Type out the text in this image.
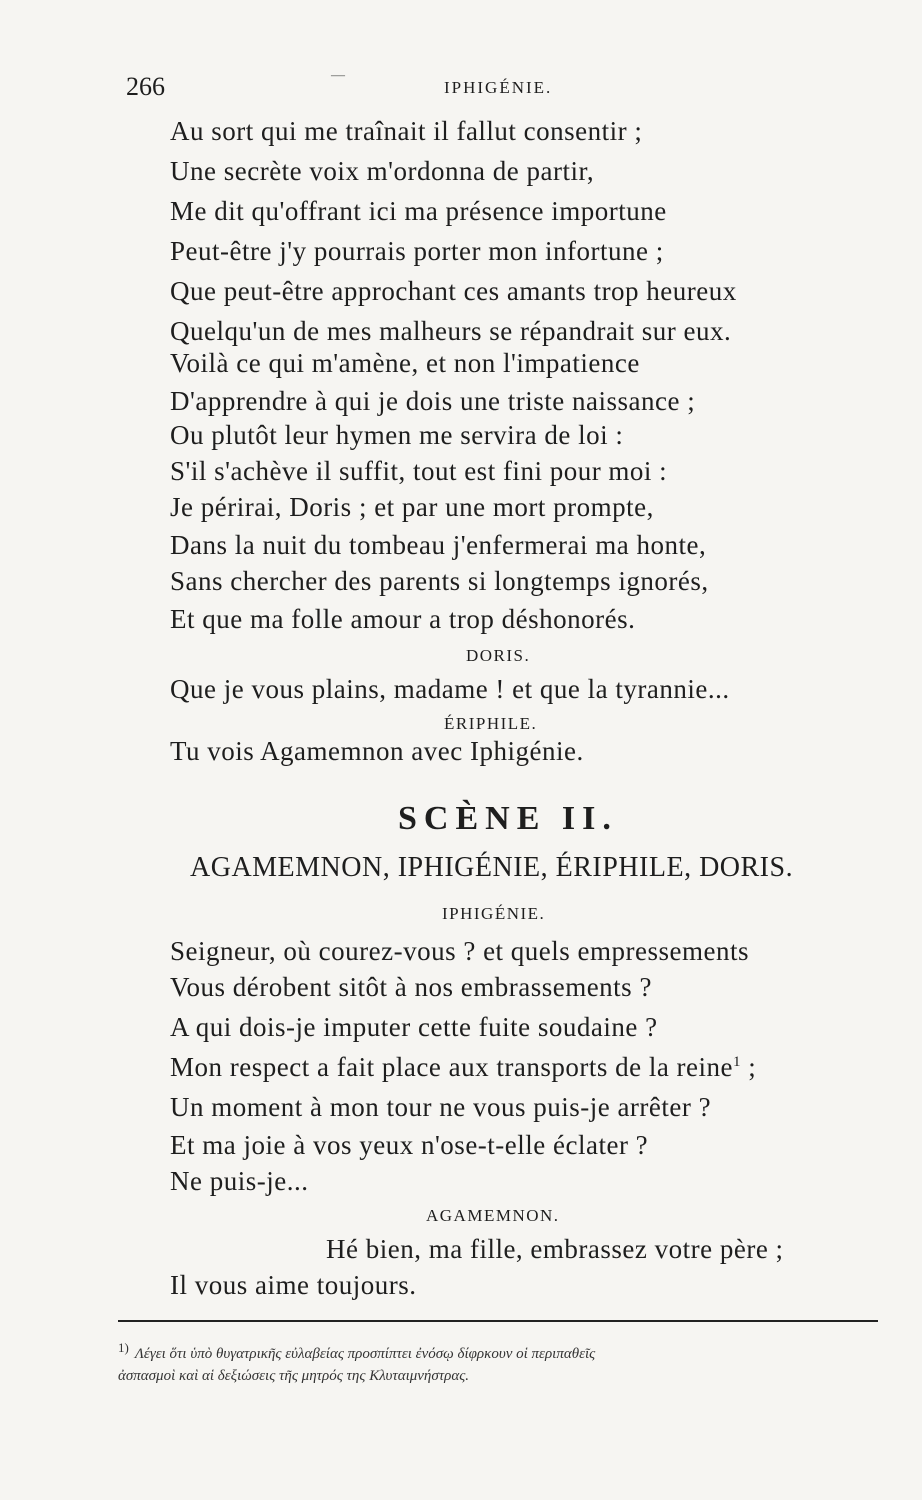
266	—
IPHIGÉNIE.
Au sort qui me traînait il fallut consentir ;
Une secrète voix m'ordonna de partir,
Me dit qu'offrant ici ma présence importune
Peut-être j'y pourrais porter mon infortune ;
Que peut-être approchant ces amants trop heureux
Quelqu'un de mes malheurs se répandrait sur eux.
Voilà ce qui m'amène, et non l'impatience
D'apprendre à qui je dois une triste naissance ;
Ou plutôt leur hymen me servira de loi :
S'il s'achève il suffit, tout est fini pour moi :
Je périrai, Doris ; et par une mort prompte,
Dans la nuit du tombeau j'enfermerai ma honte,
Sans chercher des parents si longtemps ignorés,
Et que ma folle amour a trop déshonorés.
DORIS.
Que je vous plains, madame ! et que la tyrannie...
ÉRIPHILE.
Tu vois Agamemnon avec Iphigénie.
SCÈNE II.
AGAMEMNON, IPHIGÉNIE, ÉRIPHILE, DORIS.
IPHIGÉNIE.
Seigneur, où courez-vous ? et quels empressements
Vous dérobent sitôt à nos embrassements ?
A qui dois-je imputer cette fuite soudaine ?
Mon respect a fait place aux transports de la reine$^1$ ;
Un moment à mon tour ne vous puis-je arrêter ?
Et ma joie à vos yeux n'ose-t-elle éclater ?
Ne puis-je...
AGAMEMNON.
Hé bien, ma fille, embrassez votre père ;
Il vous aime toujours.
1) Λέγει ὅτι ὑπὸ θυγατρικῆς εὐλαβείας προσπίπτει ἐνόσῳ δίφρκουν οἱ περιπαθεῖς
ἀσπασμοὶ καὶ αἱ δεξιώσεις τῆς μητρός της Κλυταιμνήστρας.
